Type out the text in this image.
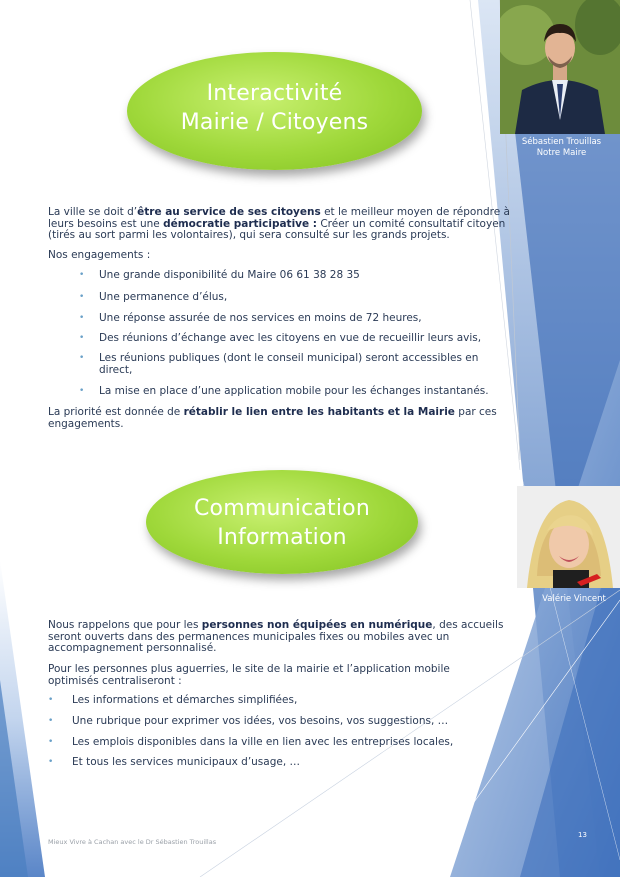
Interactivité
Mairie / Citoyens
Sébastien Trouillas
Notre Maire
La ville se doit d’être au service de ses citoyens et le meilleur moyen de répondre à leurs besoins est une démocratie participative : Créer un comité consultatif citoyen (tirés au sort parmi les volontaires), qui sera consulté sur les grands projets.
Nos engagements :
• Une grande disponibilité du Maire 06 61 38 28 35
• Une permanence d’élus,
• Une réponse assurée de nos services en moins de 72 heures,
• Des réunions d’échange avec les citoyens en vue de recueillir leurs avis,
• Les réunions publiques (dont le conseil municipal) seront accessibles en direct,
• La mise en place d’une application mobile pour les échanges instantanés.
La priorité est donnée de rétablir le lien entre les habitants et la Mairie par ces engagements.
Communication
Information
Valérie Vincent
Nous rappelons que pour les personnes non équipées en numérique, des accueils seront ouverts dans des permanences municipales fixes ou mobiles avec un accompagnement personnalisé.
Pour les personnes plus aguerries, le site de la mairie et l’application mobile optimisés centraliseront :
• Les informations et démarches simplifiées,
• Une rubrique pour exprimer vos idées, vos besoins, vos suggestions, …
• Les emplois disponibles dans la ville en lien avec les entreprises locales,
• Et tous les services municipaux d’usage, …
Mieux Vivre à Cachan avec le Dr Sébastien Trouillas
13
